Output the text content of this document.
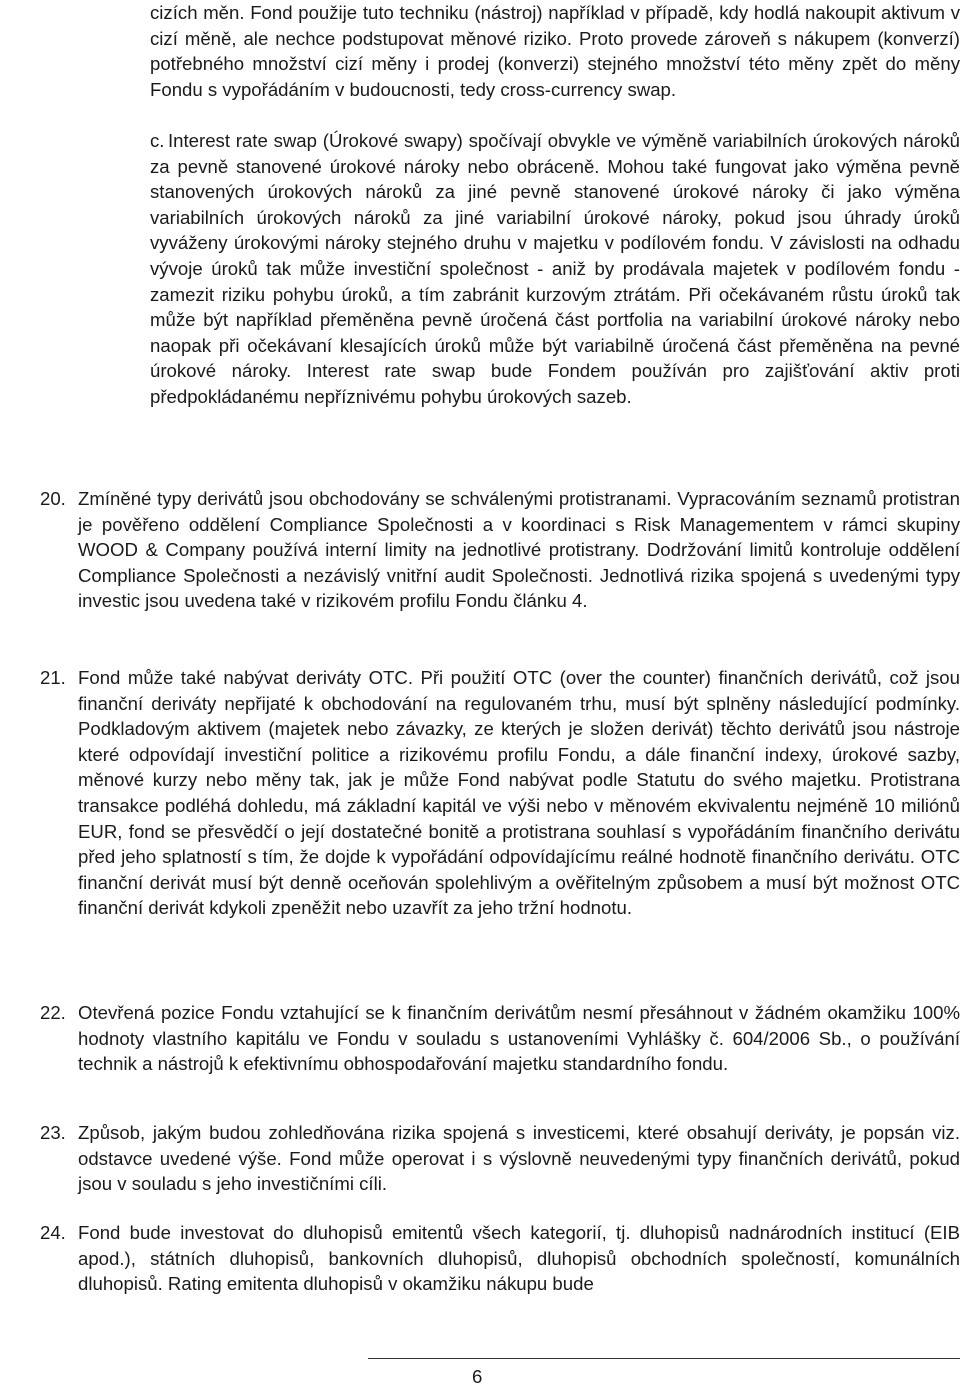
cizích měn. Fond použije tuto techniku (nástroj) například v případě, kdy hodlá nakoupit aktivum v cizí měně, ale nechce podstupovat měnové riziko. Proto provede zároveň s nákupem (konverzí) potřebného množství cizí měny i prodej (konverzi) stejného množství této měny zpět do měny Fondu s vypořádáním v budoucnosti, tedy cross-currency swap.
c. Interest rate swap (Úrokové swapy) spočívají obvykle ve výměně variabilních úrokových nároků za pevně stanovené úrokové nároky nebo obráceně. Mohou také fungovat jako výměna pevně stanovených úrokových nároků za jiné pevně stanovené úrokové nároky či jako výměna variabilních úrokových nároků za jiné variabilní úrokové nároky, pokud jsou úhrady úroků vyváženy úrokovými nároky stejného druhu v majetku v podílovém fondu. V závislosti na odhadu vývoje úroků tak může investiční společnost - aniž by prodávala majetek v podílovém fondu - zamezit riziku pohybu úroků, a tím zabránit kurzovým ztrátám. Při očekávaném růstu úroků tak může být například přeměněna pevně úročená část portfolia na variabilní úrokové nároky nebo naopak při očekávaní klesajících úroků může být variabilně úročená část přeměněna na pevné úrokové nároky. Interest rate swap bude Fondem používán pro zajišťování aktiv proti předpokládanému nepříznivému pohybu úrokových sazeb.
20. Zmíněné typy derivátů jsou obchodovány se schválenými protistranami. Vypracováním seznamů protistran je pověřeno oddělení Compliance Společnosti a v koordinaci s Risk Managementem v rámci skupiny WOOD & Company používá interní limity na jednotlivé protistrany. Dodržování limitů kontroluje oddělení Compliance Společnosti a nezávislý vnitřní audit Společnosti. Jednotlivá rizika spojená s uvedenými typy investic jsou uvedena také v rizikovém profilu Fondu článku 4.
21. Fond může také nabývat deriváty OTC. Při použití OTC (over the counter) finančních derivátů, což jsou finanční deriváty nepřijaté k obchodování na regulovaném trhu, musí být splněny následující podmínky. Podkladovým aktivem (majetek nebo závazky, ze kterých je složen derivát) těchto derivátů jsou nástroje které odpovídají investiční politice a rizikovému profilu Fondu, a dále finanční indexy, úrokové sazby, měnové kurzy nebo měny tak, jak je může Fond nabývat podle Statutu do svého majetku. Protistrana transakce podléhá dohledu, má základní kapitál ve výši nebo v měnovém ekvivalentu nejméně 10 miliónů EUR, fond se přesvědčí o její dostatečné bonitě a protistrana souhlasí s vypořádáním finančního derivátu před jeho splatností s tím, že dojde k vypořádání odpovídajícímu reálné hodnotě finančního derivátu. OTC finanční derivát musí být denně oceňován spolehlivým a ověřitelným způsobem a musí být možnost OTC finanční derivát kdykoli zpeněžit nebo uzavřít za jeho tržní hodnotu.
22. Otevřená pozice Fondu vztahující se k finančním derivátům nesmí přesáhnout v žádném okamžiku 100% hodnoty vlastního kapitálu ve Fondu v souladu s ustanoveními Vyhlášky č. 604/2006 Sb., o používání technik a nástrojů k efektivnímu obhospodařování majetku standardního fondu.
23. Způsob, jakým budou zohledňována rizika spojená s investicemi, které obsahují deriváty, je popsán viz. odstavce uvedené výše. Fond může operovat i s výslovně neuvedenými typy finančních derivátů, pokud jsou v souladu s jeho investičními cíli.
24. Fond bude investovat do dluhopisů emitentů všech kategorií, tj. dluhopisů nadnárodních institucí (EIB apod.), státních dluhopisů, bankovních dluhopisů, dluhopisů obchodních společností, komunálních dluhopisů. Rating emitenta dluhopisů v okamžiku nákupu bude
6
